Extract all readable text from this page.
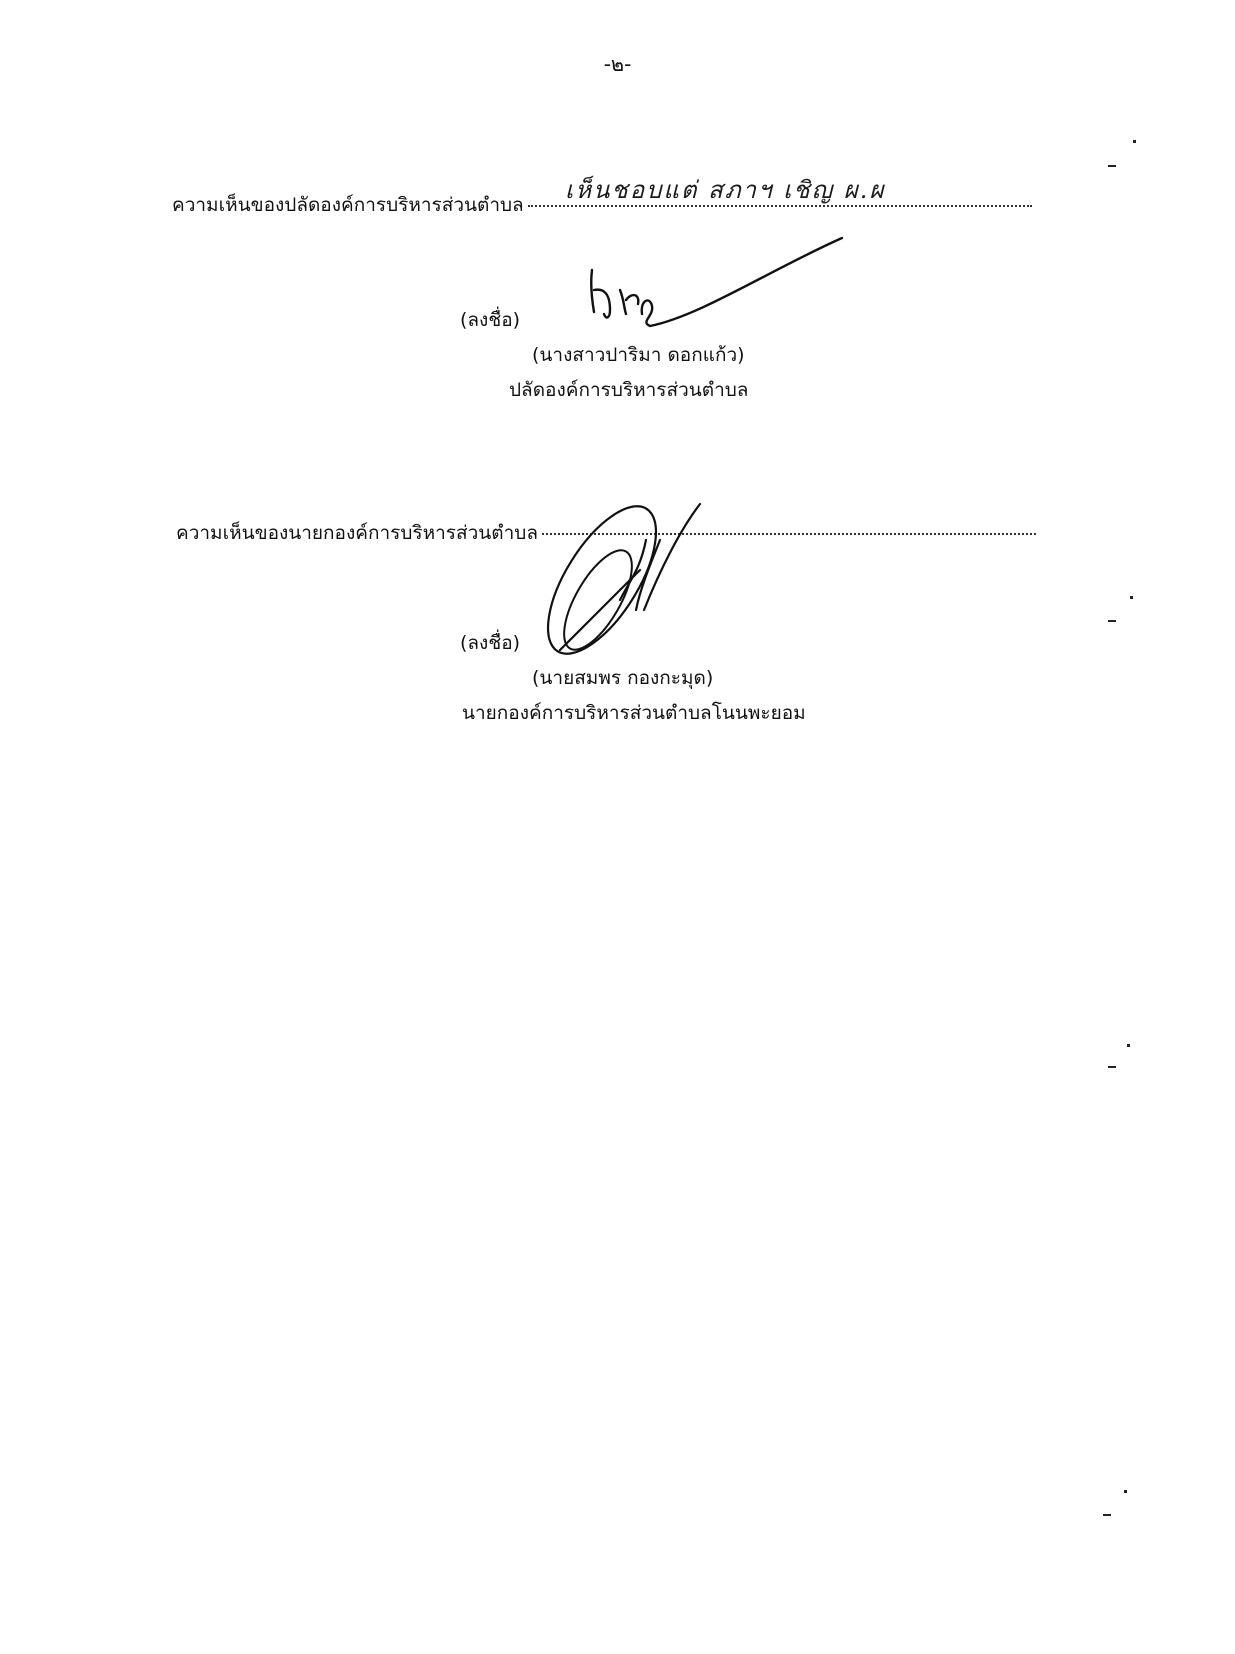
-๒-
ความเห็นของปลัดองค์การบริหารส่วนตำบล
เห็นชอบแต่ สภาฯ เชิญ ผ.ผ
(ลงชื่อ)
(นางสาวปาริมา ดอกแก้ว)
ปลัดองค์การบริหารส่วนตำบล
ความเห็นของนายกองค์การบริหารส่วนตำบล
(ลงชื่อ)
(นายสมพร กองกะมุด)
นายกองค์การบริหารส่วนตำบลโนนพะยอม
